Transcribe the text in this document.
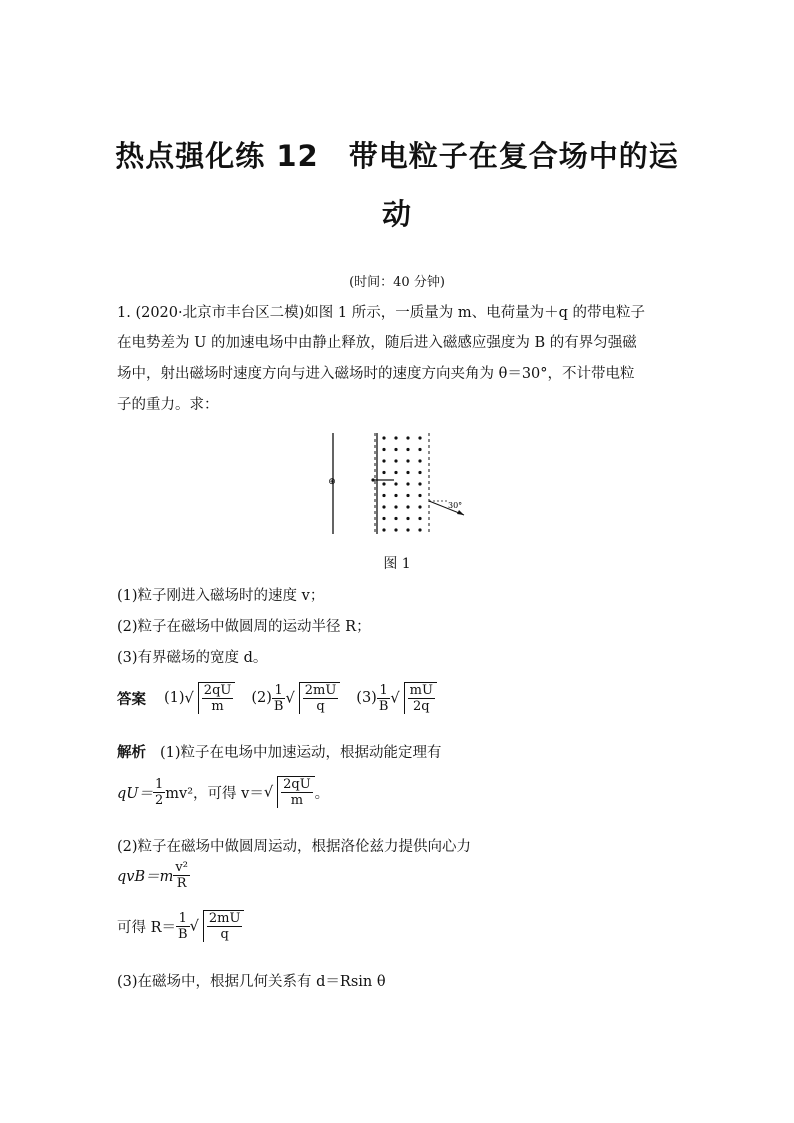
热点强化练 12　带电粒子在复合场中的运
动
(时间：40 分钟)
1. (2020·北京市丰台区二模)如图 1 所示，一质量为 m、电荷量为＋q 的带电粒子
在电势差为 U 的加速电场中由静止释放，随后进入磁感应强度为 B 的有界匀强磁
场中，射出磁场时速度方向与进入磁场时的速度方向夹角为 θ＝30°，不计带电粒
子的重力。求：
⊕
30°
图 1
(1)粒子刚进入磁场时的速度 v；
(2)粒子在磁场中做圆周的运动半径 R；
(3)有界磁场的宽度 d。
答案 (1) √ $\frac{2qU}{m} (2) \frac{1}{B}$ √ $\frac{2mU}{q} (3) \frac{1}{B}$ √ $\frac{mU}{2q}$
解析 (1)粒子在电场中加速运动，根据动能定理有
$qU= \frac{1}{2} mv^2$，可得 v＝ √ $\frac{2qU}{m}$ 。
(2)粒子在磁场中做圆周运动，根据洛伦兹力提供向心力
$qvB=m \frac{\text{v²}}{R}$
可得 $R= \frac{1}{B}$ √ $\frac{2mU}{q}$
(3)在磁场中，根据几何关系有 d＝Rsin θ
